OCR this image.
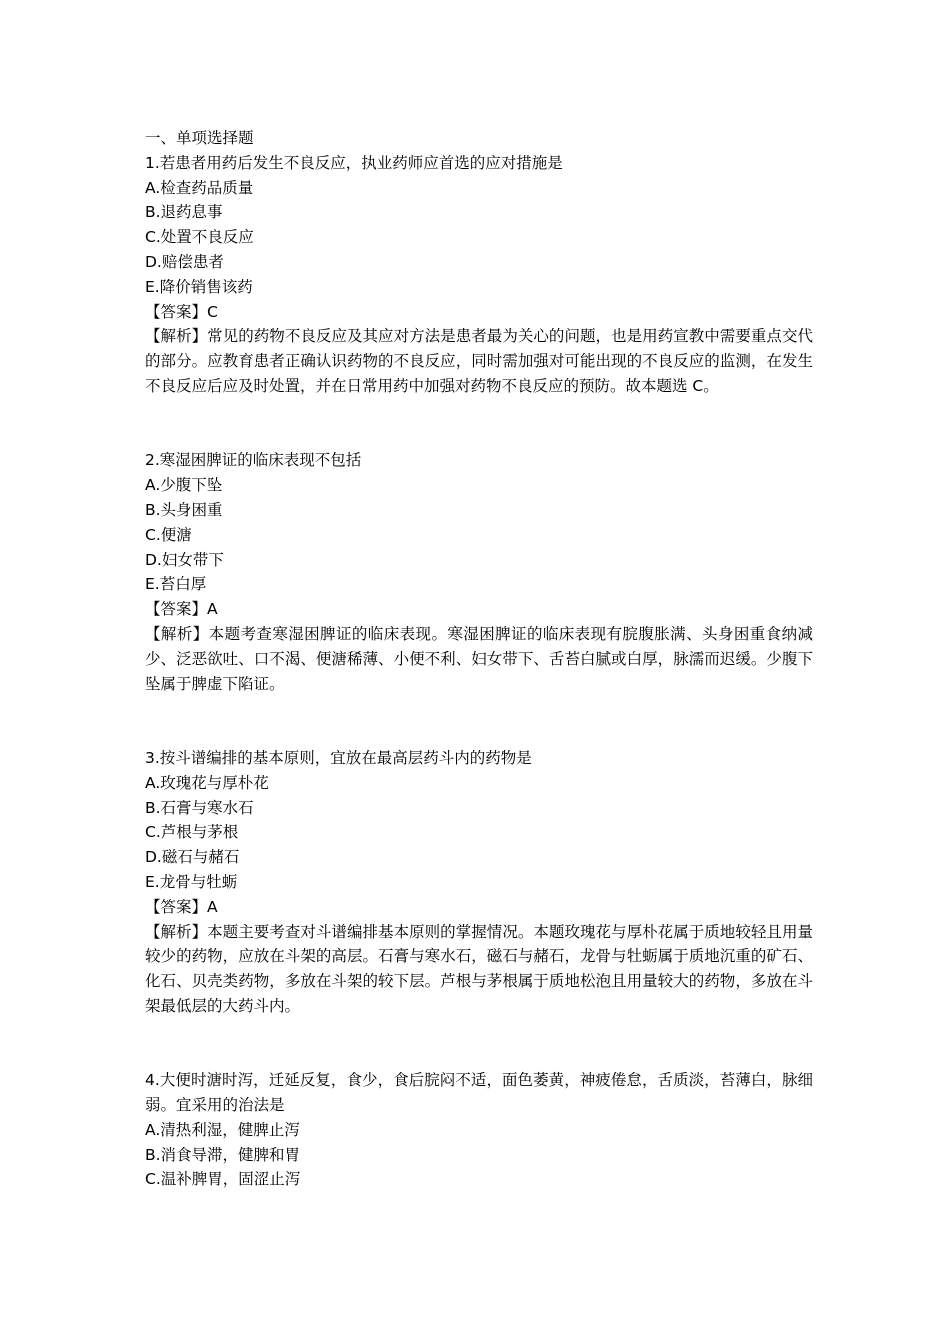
一、单项选择题
1.若患者用药后发生不良反应，执业药师应首选的应对措施是
A.检查药品质量
B.退药息事
C.处置不良反应
D.赔偿患者
E.降价销售该药
【答案】C
【解析】常见的药物不良反应及其应对方法是患者最为关心的问题，也是用药宣教中需要重点交代的部分。应教育患者正确认识药物的不良反应，同时需加强对可能出现的不良反应的监测，在发生不良反应后应及时处置，并在日常用药中加强对药物不良反应的预防。故本题选 C。
2.寒湿困脾证的临床表现不包括
A.少腹下坠
B.头身困重
C.便溏
D.妇女带下
E.苔白厚
【答案】A
【解析】本题考查寒湿困脾证的临床表现。寒湿困脾证的临床表现有脘腹胀满、头身困重食纳减少、泛恶欲吐、口不渴、便溏稀薄、小便不利、妇女带下、舌苔白腻或白厚，脉濡而迟缓。少腹下坠属于脾虚下陷证。
3.按斗谱编排的基本原则，宜放在最高层药斗内的药物是
A.玫瑰花与厚朴花
B.石膏与寒水石
C.芦根与茅根
D.磁石与赭石
E.龙骨与牡蛎
【答案】A
【解析】本题主要考查对斗谱编排基本原则的掌握情况。本题玫瑰花与厚朴花属于质地较轻且用量较少的药物，应放在斗架的高层。石膏与寒水石，磁石与赭石，龙骨与牡蛎属于质地沉重的矿石、化石、贝壳类药物，多放在斗架的较下层。芦根与茅根属于质地松泡且用量较大的药物，多放在斗架最低层的大药斗内。
4.大便时溏时泻，迁延反复，食少，食后脘闷不适，面色萎黄，神疲倦怠，舌质淡，苔薄白，脉细弱。宜采用的治法是
A.清热利湿，健脾止泻
B.消食导滞，健脾和胃
C.温补脾胃，固涩止泻
